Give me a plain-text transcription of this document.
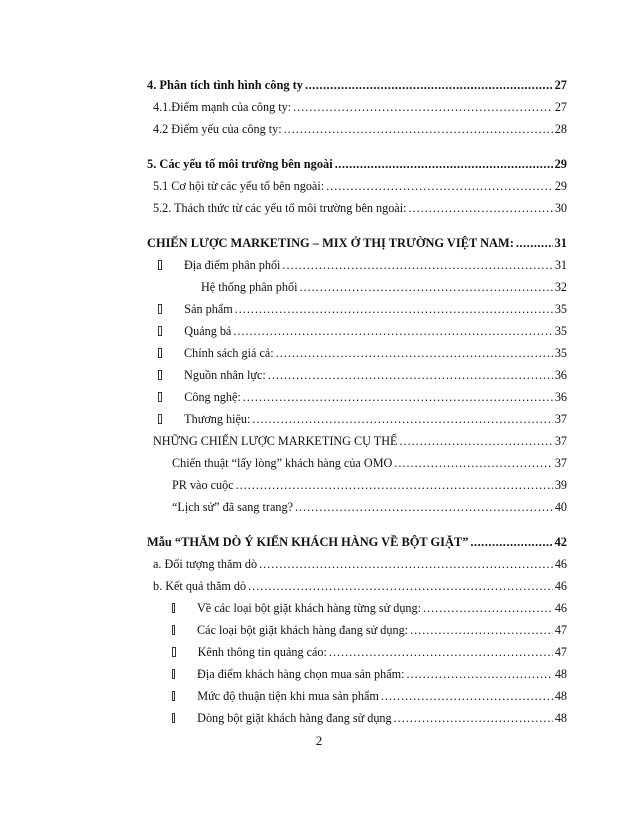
4. Phân tích tình hình công ty .....	27
4.1.Điểm mạnh của công ty: .....	27
4.2 Điểm yếu của công ty: .....	28
5. Các yếu tố môi trường bên ngoài .....	29
5.1 Cơ hội từ các yếu tố bên ngoài: .....	29
5.2. Thách thức từ các yếu tố môi trường bên ngoài: .....	30
CHIẾN LƯỢC MARKETING – MIX Ở THỊ TRƯỜNG VIỆT NAM: .....	31
Địa điểm phân phối .....	31
Hệ thống phân phối .....	32
Sản phẩm .....	35
Quảng bá .....	35
Chính sách giá cả: .....	35
Nguồn nhân lực: .....	36
Công nghệ: .....	36
Thương hiệu: .....	37
NHỮNG CHIẾN LƯỢC MARKETING CỤ THỂ .....	37
Chiến thuật “lấy lòng” khách hàng của OMO .....	37
PR vào cuộc .....	39
“Lịch sử” đã sang trang? .....	40
Mẫu “THĂM DÒ Ý KIẾN KHÁCH HÀNG VỀ BỘT GIẶT” .....	42
a. Đối tượng thăm dò .....	46
b. Kết quả thăm dò .....	46
Về các loại bột giặt khách hàng từng sử dụng: .....	46
Các loại bột giặt khách hàng đang sử dụng: .....	47
Kênh thông tin quảng cáo: .....	47
Địa điểm khách hàng chọn mua sản phẩm: .....	48
Mức độ thuận tiện khi mua sản phẩm .....	48
Dòng bột giặt khách hàng đang sử dụng .....	48
2
